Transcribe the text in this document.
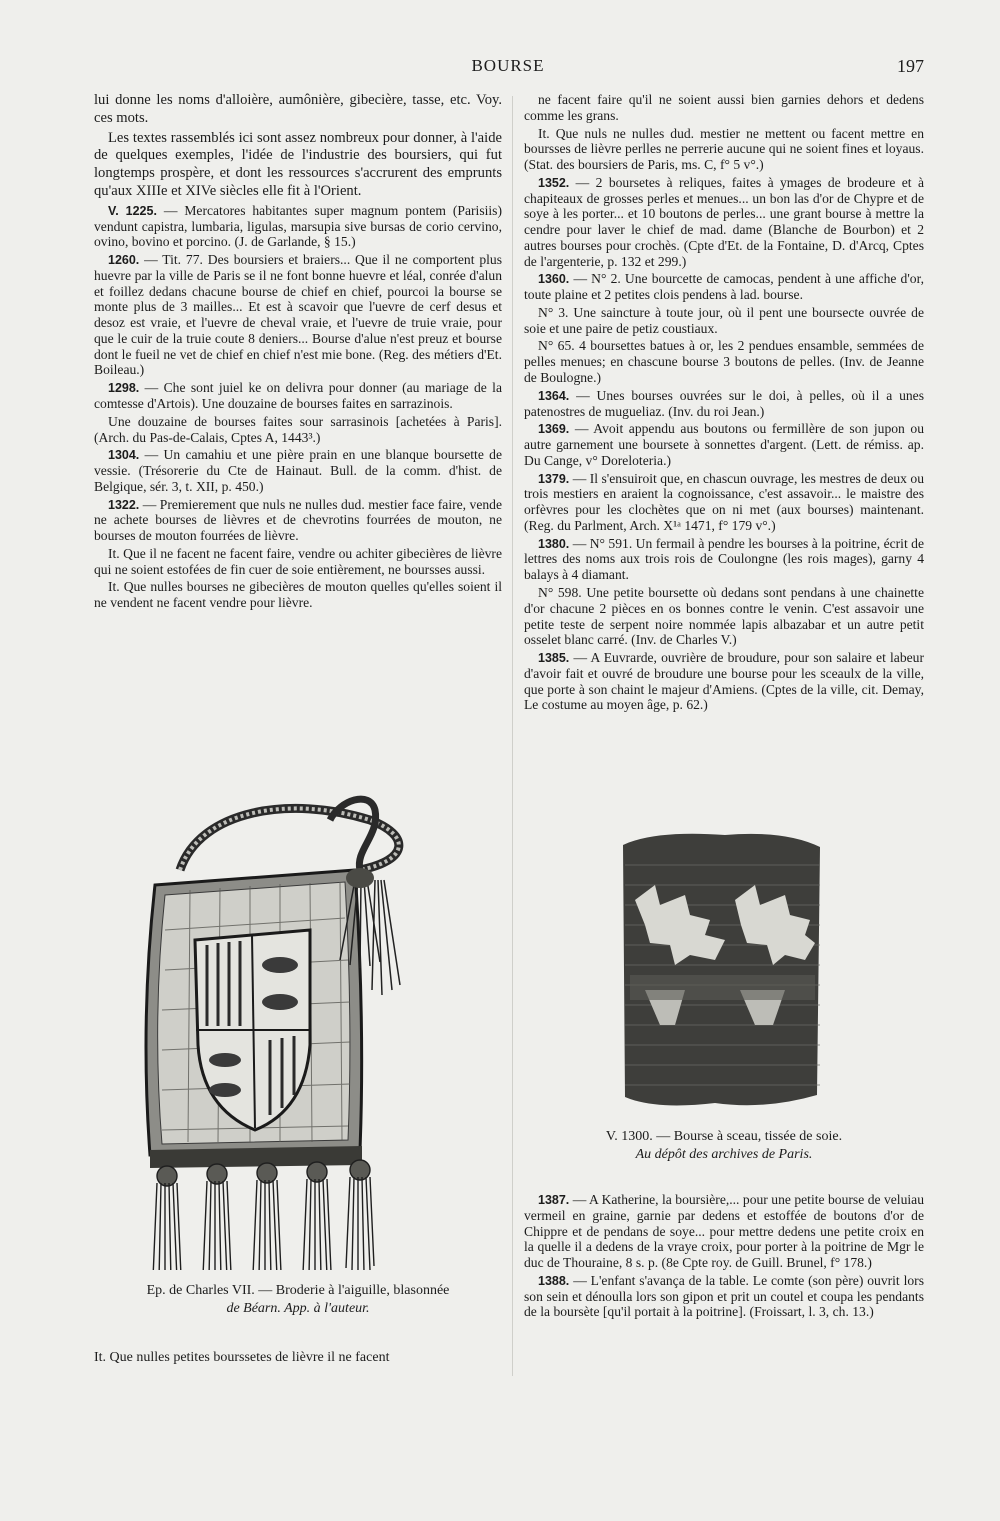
BOURSE	197

lui donne les noms d'alloière, aumônière, gibecière, tasse, etc. Voy. ces mots.

Les textes rassemblés ici sont assez nombreux pour donner, à l'aide de quelques exemples, l'idée de l'industrie des boursiers, qui fut longtemps prospère, et dont les ressources s'accrurent des emprunts qu'aux XIIIe et XIVe siècles elle fit à l'Orient.

V. 1225. — Mercatores habitantes super magnum pontem (Parisiis) vendunt capistra, lumbaria, ligulas, marsupia sive bursas de corio cervino, ovino, bovino et porcino. (J. de Garlande, § 15.)

1260. — Tit. 77. Des boursiers et braiers... Que il ne comportent plus huevre par la ville de Paris se il ne font bonne huevre et léal, conrée d'alun et foillez dedans chacune bourse de chief en chief, pourcoi la bourse se monte plus de 3 mailles... Et est à scavoir que l'uevre de cerf desus et desoz est vraie, et l'uevre de cheval vraie, et l'uevre de truie vraie, pour que le cuir de la truie coute 8 deniers... Bourse d'alue n'est preuz et bourse dont le fueil ne vet de chief en chief n'est mie bone. (Reg. des métiers d'Et. Boileau.)

1298. — Che sont juiel ke on delivra pour donner (au mariage de la comtesse d'Artois). Une douzaine de bourses faites en sarrazinois.

Une douzaine de bourses faites sour sarrasinois [achetées à Paris]. (Arch. du Pas-de-Calais, Cptes A, 1443³.)

1304. — Un camahiu et une pière prain en une blanque boursette de vessie. (Trésorerie du Cte de Hainaut. Bull. de la comm. d'hist. de Belgique, sér. 3, t. XII, p. 450.)

1322. — Premierement que nuls ne nulles dud. mestier face faire, vende ne achete bourses de lièvres et de chevrotins fourrées de mouton, ne bourses de mouton fourrées de lièvre.

It. Que il ne facent ne facent faire, vendre ou achiter gibecières de lièvre qui ne soient estofées de fin cuer de soie entièrement, ne boursses aussi.

It. Que nulles bourses ne gibecières de mouton quelles qu'elles soient il ne vendent ne facent vendre pour lièvre.

Ep. de Charles VII. — Broderie à l'aiguille, blasonnée
de Béarn. App. à l'auteur.

It. Que nulles petites bourssetes de lièvre il ne facent

ne facent faire qu'il ne soient aussi bien garnies dehors et dedens comme les grans.

It. Que nuls ne nulles dud. mestier ne mettent ou facent mettre en boursses de lièvre perlles ne perrerie aucune qui ne soient fines et loyaus. (Stat. des boursiers de Paris, ms. C, f° 5 v°.)

1352. — 2 boursetes à reliques, faites à ymages de brodeure et à chapiteaux de grosses perles et menues... un bon las d'or de Chypre et de soye à les porter... et 10 boutons de perles... une grant bourse à mettre la cendre pour laver le chief de mad. dame (Blanche de Bourbon) et 2 autres bourses pour crochès. (Cpte d'Et. de la Fontaine, D. d'Arcq, Cptes de l'argenterie, p. 132 et 299.)

1360. — N° 2. Une bourcette de camocas, pendent à une affiche d'or, toute plaine et 2 petites clois pendens à lad. bourse.

N° 3. Une saincture à toute jour, où il pent une boursecte ouvrée de soie et une paire de petiz coustiaux.

N° 65. 4 boursettes batues à or, les 2 pendues ensamble, semmées de pelles menues; en chascune bourse 3 boutons de pelles. (Inv. de Jeanne de Boulogne.)

1364. — Unes bourses ouvrées sur le doi, à pelles, où il a unes patenostres de mugueliaz. (Inv. du roi Jean.)

1369. — Avoit appendu aus boutons ou fermillère de son jupon ou autre garnement une boursete à sonnettes d'argent. (Lett. de rémiss. ap. Du Cange, v° Doreloteria.)

1379. — Il s'ensuiroit que, en chascun ouvrage, les mestres de deux ou trois mestiers en araient la cognoissance, c'est assavoir... le maistre des orfèvres pour les clochètes que on ni met (aux bourses) maintenant. (Reg. du Parlment, Arch. X¹ᵃ 1471, f° 179 v°.)

1380. — N° 591. Un fermail à pendre les bourses à la poitrine, écrit de lettres des noms aux trois rois de Coulongne (les rois mages), garny 4 balays à 4 diamant.

N° 598. Une petite boursette où dedans sont pendans à une chainette d'or chacune 2 pièces en os bonnes contre le venin. C'est assavoir une petite teste de serpent noire nommée lapis albazabar et un autre petit osselet blanc carré. (Inv. de Charles V.)

1385. — A Euvrarde, ouvrière de broudure, pour son salaire et labeur d'avoir fait et ouvré de broudure une bourse pour les sceaulx de la ville, que porte à son chaint le majeur d'Amiens. (Cptes de la ville, cit. Demay, Le costume au moyen âge, p. 62.)

V. 1300. — Bourse à sceau, tissée de soie.
Au dépôt des archives de Paris.

1387. — A Katherine, la boursière,... pour une petite bourse de veluiau vermeil en graine, garnie par dedens et estoffée de boutons d'or de Chippre et de pendans de soye... pour mettre dedens une petite croix en la quelle il a dedens de la vraye croix, pour porter à la poitrine de Mgr le duc de Thouraine, 8 s. p. (8e Cpte roy. de Guill. Brunel, f° 178.)

1388. — L'enfant s'avança de la table. Le comte (son père) ouvrit lors son sein et dénoulla lors son gipon et prit un coutel et coupa les pendants de la boursète [qu'il portait à la poitrine]. (Froissart, l. 3, ch. 13.)
